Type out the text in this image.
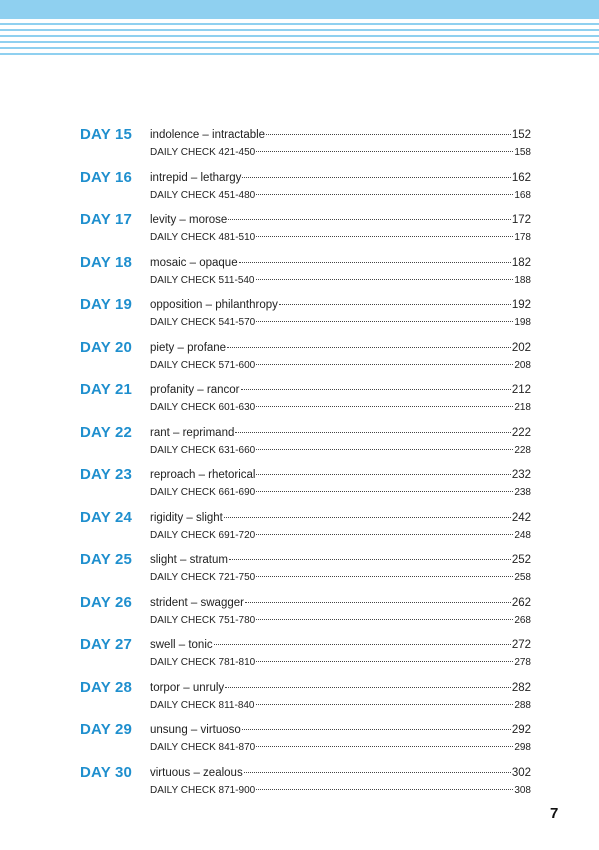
DAY 15 indolence – intractable	152
DAILY CHECK 421-450	158
DAY 16 intrepid – lethargy	162
DAILY CHECK 451-480	168
DAY 17 levity – morose	172
DAILY CHECK 481-510	178
DAY 18 mosaic – opaque	182
DAILY CHECK 511-540	188
DAY 19 opposition – philanthropy	192
DAILY CHECK 541-570	198
DAY 20 piety – profane	202
DAILY CHECK 571-600	208
DAY 21 profanity – rancor	212
DAILY CHECK 601-630	218
DAY 22 rant – reprimand	222
DAILY CHECK 631-660	228
DAY 23 reproach – rhetorical	232
DAILY CHECK 661-690	238
DAY 24 rigidity – slight	242
DAILY CHECK 691-720	248
DAY 25 slight – stratum	252
DAILY CHECK 721-750	258
DAY 26 strident – swagger	262
DAILY CHECK 751-780	268
DAY 27 swell – tonic	272
DAILY CHECK 781-810	278
DAY 28 torpor – unruly	282
DAILY CHECK 811-840	288
DAY 29 unsung – virtuoso	292
DAILY CHECK 841-870	298
DAY 30 virtuous – zealous	302
DAILY CHECK 871-900	308
7
